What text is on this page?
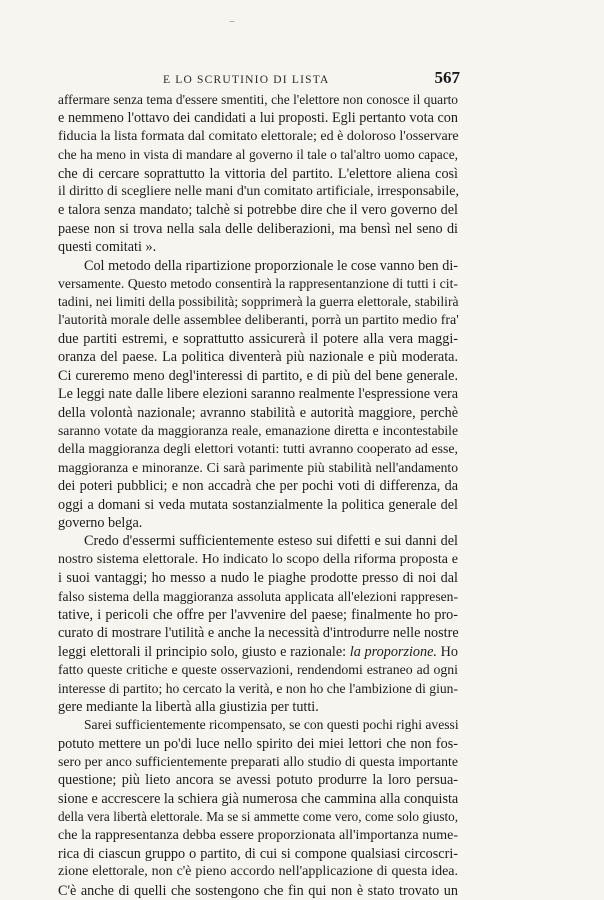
‾
E LO SCRUTINIO DI LISTA	567
affermare senza tema d'essere smentiti, che l'elettore non conosce il quarto
e nemmeno l'ottavo dei candidati a lui proposti. Egli pertanto vota con
fiducia la lista formata dal comitato elettorale; ed è doloroso l'osservare
che ha meno in vista di mandare al governo il tale o tal'altro uomo capace,
che di cercare soprattutto la vittoria del partito. L'elettore aliena così
il diritto di scegliere nelle mani d'un comitato artificiale, irresponsabile,
e talora senza mandato; talchè si potrebbe dire che il vero governo del
paese non si trova nella sala delle deliberazioni, ma bensì nel seno di
questi comitati ».
Col metodo della ripartizione proporzionale le cose vanno ben di-
versamente. Questo metodo consentirà la rappresentanzione di tutti i cit-
tadini, nei limiti della possibilità; sopprimerà la guerra elettorale, stabilirà
l'autorità morale delle assemblee deliberanti, porrà un partito medio fra'
due partiti estremi, e soprattutto assicurerà il potere alla vera maggi-
oranza del paese. La politica diventerà più nazionale e più moderata.
Ci cureremo meno degl'interessi di partito, e di più del bene generale.
Le leggi nate dalle libere elezioni saranno realmente l'espressione vera
della volontà nazionale; avranno stabilità e autorità maggiore, perchè
saranno votate da maggioranza reale, emanazione diretta e incontestabile
della maggioranza degli elettori votanti: tutti avranno cooperato ad esse,
maggioranza e minoranze. Ci sarà parimente più stabilità nell'andamento
dei poteri pubblici; e non accadrà che per pochi voti di differenza, da
oggi a domani si veda mutata sostanzialmente la politica generale del
governo belga.
Credo d'essermi sufficientemente esteso sui difetti e sui danni del
nostro sistema elettorale. Ho indicato lo scopo della riforma proposta e
i suoi vantaggi; ho messo a nudo le piaghe prodotte presso di noi dal
falso sistema della maggioranza assoluta applicata all'elezioni rappresen-
tative, i pericoli che offre per l'avvenire del paese; finalmente ho pro-
curato di mostrare l'utilità e anche la necessità d'introdurre nelle nostre
leggi elettorali il principio solo, giusto e razionale: la proporzione. Ho
fatto queste critiche e queste osservazioni, rendendomi estraneo ad ogni
interesse di partito; ho cercato la verità, e non ho che l'ambizione di giun-
gere mediante la libertà alla giustizia per tutti.
Sarei sufficientemente ricompensato, se con questi pochi righi avessi
potuto mettere un po'di luce nello spirito dei miei lettori che non fos-
sero per anco sufficientemente preparati allo studio di questa importante
questione; più lieto ancora se avessi potuto produrre la loro persua-
sione e accrescere la schiera già numerosa che cammina alla conquista
della vera libertà elettorale. Ma se si ammette come vero, come solo giusto,
che la rappresentanza debba essere proporzionata all'importanza nume-
rica di ciascun gruppo o partito, di cui si compone qualsiasi circoscri-
zione elettorale, non c'è pieno accordo nell'applicazione di questa idea.
C'è anche di quelli che sostengono che fin qui non è stato trovato un
